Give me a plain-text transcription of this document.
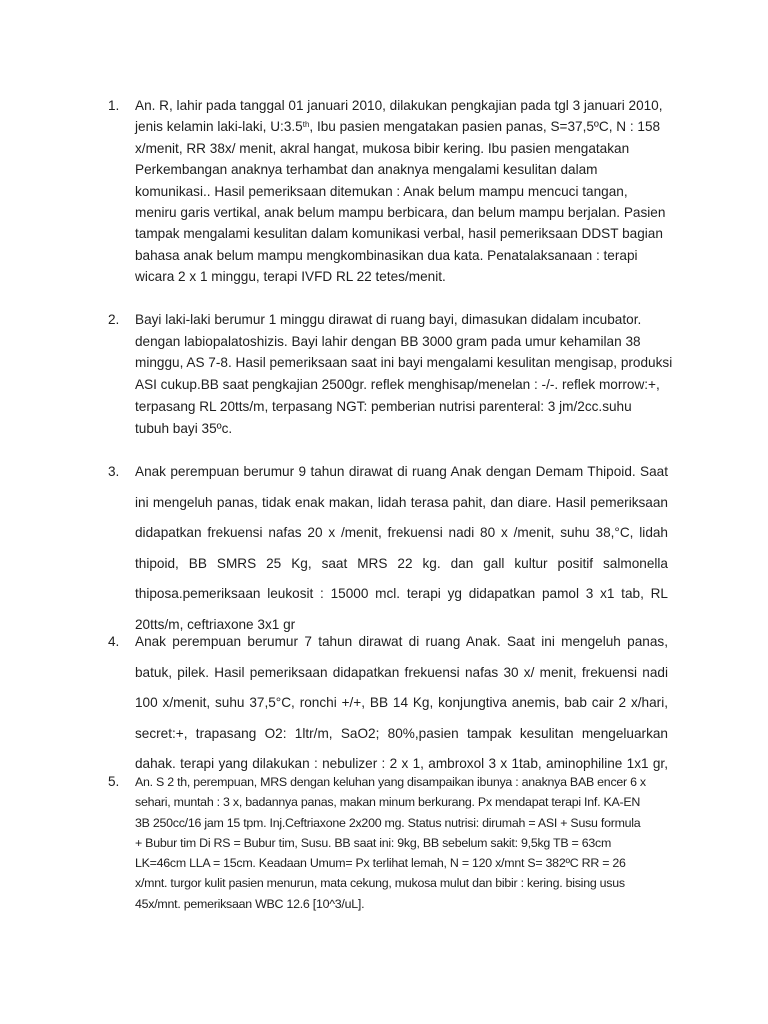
1.	An. R, lahir pada tanggal 01 januari 2010, dilakukan pengkajian pada tgl 3 januari 2010,
jenis kelamin laki-laki, U:3.5th, Ibu pasien mengatakan pasien panas, S=37,5ºC, N : 158
x/menit, RR 38x/ menit, akral hangat, mukosa bibir kering. Ibu pasien mengatakan
Perkembangan anaknya terhambat dan anaknya mengalami kesulitan dalam
komunikasi.. Hasil pemeriksaan ditemukan : Anak belum mampu mencuci tangan,
meniru garis vertikal, anak belum mampu berbicara, dan belum mampu berjalan. Pasien
tampak mengalami kesulitan dalam komunikasi verbal, hasil pemeriksaan DDST bagian
bahasa anak belum mampu mengkombinasikan dua kata. Penatalaksanaan : terapi
wicara 2 x 1 minggu, terapi IVFD RL 22 tetes/menit.
2.	Bayi laki-laki berumur 1 minggu dirawat di ruang bayi, dimasukan didalam incubator.
dengan labiopalatoshizis. Bayi lahir dengan BB 3000 gram pada umur kehamilan 38
minggu, AS 7-8. Hasil pemeriksaan saat ini bayi mengalami kesulitan mengisap, produksi
ASI cukup.BB saat pengkajian 2500gr. reflek menghisap/menelan : -/-. reflek morrow:+,
terpasang RL 20tts/m, terpasang NGT: pemberian nutrisi parenteral: 3 jm/2cc.suhu
tubuh bayi 35ºc.
3.	Anak perempuan berumur 9 tahun dirawat di ruang Anak dengan Demam Thipoid. Saat
ini mengeluh panas, tidak enak makan, lidah terasa pahit, dan diare. Hasil pemeriksaan
didapatkan frekuensi nafas 20 x /menit, frekuensi nadi 80 x /menit, suhu 38,°C, lidah
thipoid, BB SMRS 25 Kg, saat MRS 22 kg. dan gall kultur positif salmonella
thiposa.pemeriksaan leukosit : 15000 mcl. terapi yg didapatkan pamol 3 x1 tab, RL
20tts/m, ceftriaxone 3x1 gr
4.	Anak perempuan berumur 7 tahun dirawat di ruang Anak. Saat ini mengeluh panas,
batuk, pilek. Hasil pemeriksaan didapatkan frekuensi nafas 30 x/ menit, frekuensi nadi
100 x/menit, suhu 37,5°C, ronchi +/+, BB 14 Kg, konjungtiva anemis, bab cair 2 x/hari,
secret:+, trapasang O2: 1ltr/m, SaO2; 80%,pasien tampak kesulitan mengeluarkan
dahak. terapi yang dilakukan : nebulizer : 2 x 1, ambroxol 3 x 1tab, aminophiline 1x1 gr,
5.	An. S 2 th, perempuan, MRS dengan keluhan yang disampaikan ibunya : anaknya BAB encer 6 x
sehari, muntah : 3 x, badannya panas, makan minum berkurang. Px mendapat terapi Inf. KA-EN
3B 250cc/16 jam 15 tpm. Inj.Ceftriaxone 2x200 mg. Status nutrisi: dirumah = ASI + Susu formula
+ Bubur tim Di RS = Bubur tim, Susu. BB saat ini: 9kg, BB sebelum sakit: 9,5kg TB = 63cm
LK=46cm LLA = 15cm. Keadaan Umum= Px terlihat lemah, N = 120 x/mnt S= 382ºC RR = 26
x/mnt. turgor kulit pasien menurun, mata cekung, mukosa mulut dan bibir : kering. bising usus
45x/mnt. pemeriksaan WBC 12.6 [10^3/uL].
